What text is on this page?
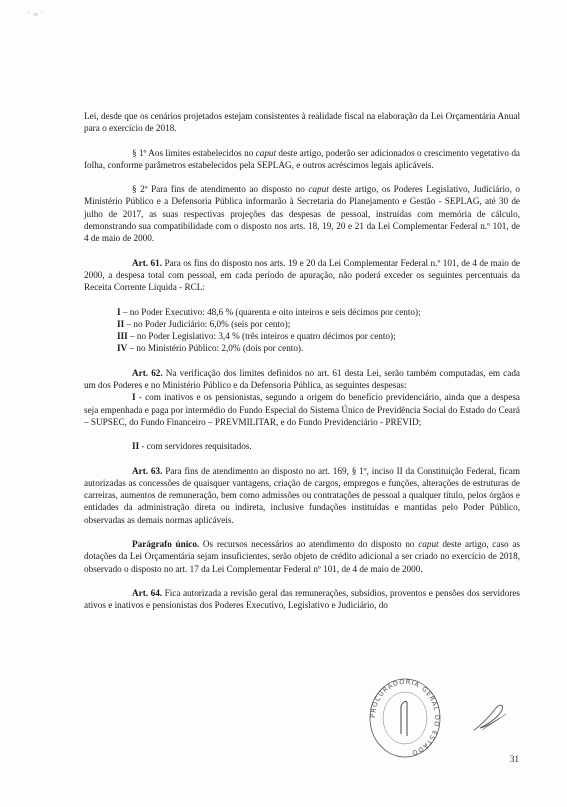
‘ ∞ ′

Lei, desde que os cenários projetados estejam consistentes à realidade fiscal na elaboração da Lei Orçamentária Anual para o exercício de 2018.

§ 1º Aos limites estabelecidos no caput deste artigo, poderão ser adicionados o crescimento vegetativo da folha, conforme parâmetros estabelecidos pela SEPLAG, e outros acréscimos legais aplicáveis.

§ 2º Para fins de atendimento ao disposto no caput deste artigo, os Poderes Legislativo, Judiciário, o Ministério Público e a Defensoria Pública informarão à Secretaria do Planejamento e Gestão - SEPLAG, até 30 de julho de 2017, as suas respectivas projeções das despesas de pessoal, instruídas com memória de cálculo, demonstrando sua compatibilidade com o disposto nos arts. 18, 19, 20 e 21 da Lei Complementar Federal n.º 101, de 4 de maio de 2000.

Art. 61. Para os fins do disposto nos arts. 19 e 20 da Lei Complementar Federal n.º 101, de 4 de maio de 2000, a despesa total com pessoal, em cada período de apuração, não poderá exceder os seguintes percentuais da Receita Corrente Líquida - RCL:

I – no Poder Executivo: 48,6 % (quarenta e oito inteiros e seis décimos por cento);
II – no Poder Judiciário: 6,0% (seis por cento);
III – no Poder Legislativo: 3,4 % (três inteiros e quatro décimos por cento);
IV – no Ministério Público: 2,0% (dois por cento).

Art. 62. Na verificação dos limites definidos no art. 61 desta Lei, serão também computadas, em cada um dos Poderes e no Ministério Público e da Defensoria Pública, as seguintes despesas:

I - com inativos e os pensionistas, segundo a origem do benefício previdenciário, ainda que a despesa seja empenhada e paga por intermédio do Fundo Especial do Sistema Único de Previdência Social do Estado do Ceará – SUPSEC, do Fundo Financeiro – PREVMILITAR, e do Fundo Previdenciário - PREVID;

II - com servidores requisitados.

Art. 63. Para fins de atendimento ao disposto no art. 169, § 1º, inciso II da Constituição Federal, ficam autorizadas as concessões de quaisquer vantagens, criação de cargos, empregos e funções, alterações de estruturas de carreiras, aumentos de remuneração, bem como admissões ou contratações de pessoal a qualquer título, pelos órgãos e entidades da administração direta ou indireta, inclusive fundações instituídas e mantidas pelo Poder Público, observadas as demais normas aplicáveis.

Parágrafo único. Os recursos necessários ao atendimento do disposto no caput deste artigo, caso as dotações da Lei Orçamentária sejam insuficientes, serão objeto de crédito adicional a ser criado no exercício de 2018, observado o disposto no art. 17 da Lei Complementar Federal nº 101, de 4 de maio de 2000.

Art. 64. Fica autorizada a revisão geral das remunerações, subsídios, proventos e pensões dos servidores ativos e inativos e pensionistas dos Poderes Executivo, Legislativo e Judiciário, do

PROCURADORIA GERAL DO ESTADO
31
